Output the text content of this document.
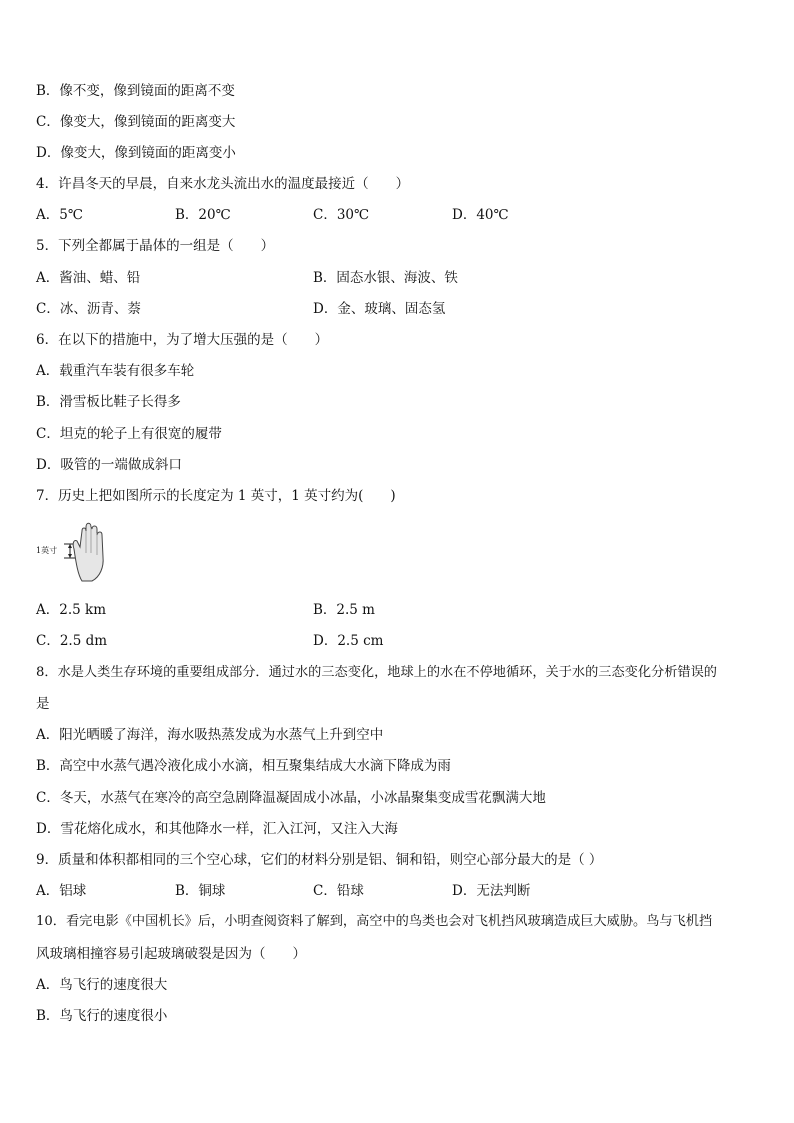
B．像不变，像到镜面的距离不变
C．像变大，像到镜面的距离变大
D．像变大，像到镜面的距离变小
4．许昌冬天的早晨，自来水龙头流出水的温度最接近（　　）
A．5℃	B．20℃	C．30℃	D．40℃
5．下列全都属于晶体的一组是（　　）
A．酱油、蜡、铅	B．固态水银、海波、铁
C．冰、沥青、萘	D．金、玻璃、固态氢
6．在以下的措施中，为了增大压强的是（　　）
A．载重汽车装有很多车轮
B．滑雪板比鞋子长得多
C．坦克的轮子上有很宽的履带
D．吸管的一端做成斜口
7．历史上把如图所示的长度定为 1 英寸，1 英寸约为(　　)
1英寸
A．2.5 km	B．2.5 m
C．2.5 dm	D．2.5 cm
8．水是人类生存环境的重要组成部分．通过水的三态变化，地球上的水在不停地循环，关于水的三态变化分析错误的
是
A．阳光晒暖了海洋，海水吸热蒸发成为水蒸气上升到空中
B．高空中水蒸气遇冷液化成小水滴，相互聚集结成大水滴下降成为雨
C．冬天，水蒸气在寒冷的高空急剧降温凝固成小冰晶，小冰晶聚集变成雪花飘满大地
D．雪花熔化成水，和其他降水一样，汇入江河，又注入大海
9．质量和体积都相同的三个空心球，它们的材料分别是铝、铜和铅，则空心部分最大的是（ ）
A．铝球	B．铜球	C．铅球	D．无法判断
10．看完电影《中国机长》后，小明查阅资料了解到，高空中的鸟类也会对飞机挡风玻璃造成巨大威胁。鸟与飞机挡
风玻璃相撞容易引起玻璃破裂是因为（　　）
A．鸟飞行的速度很大
B．鸟飞行的速度很小
